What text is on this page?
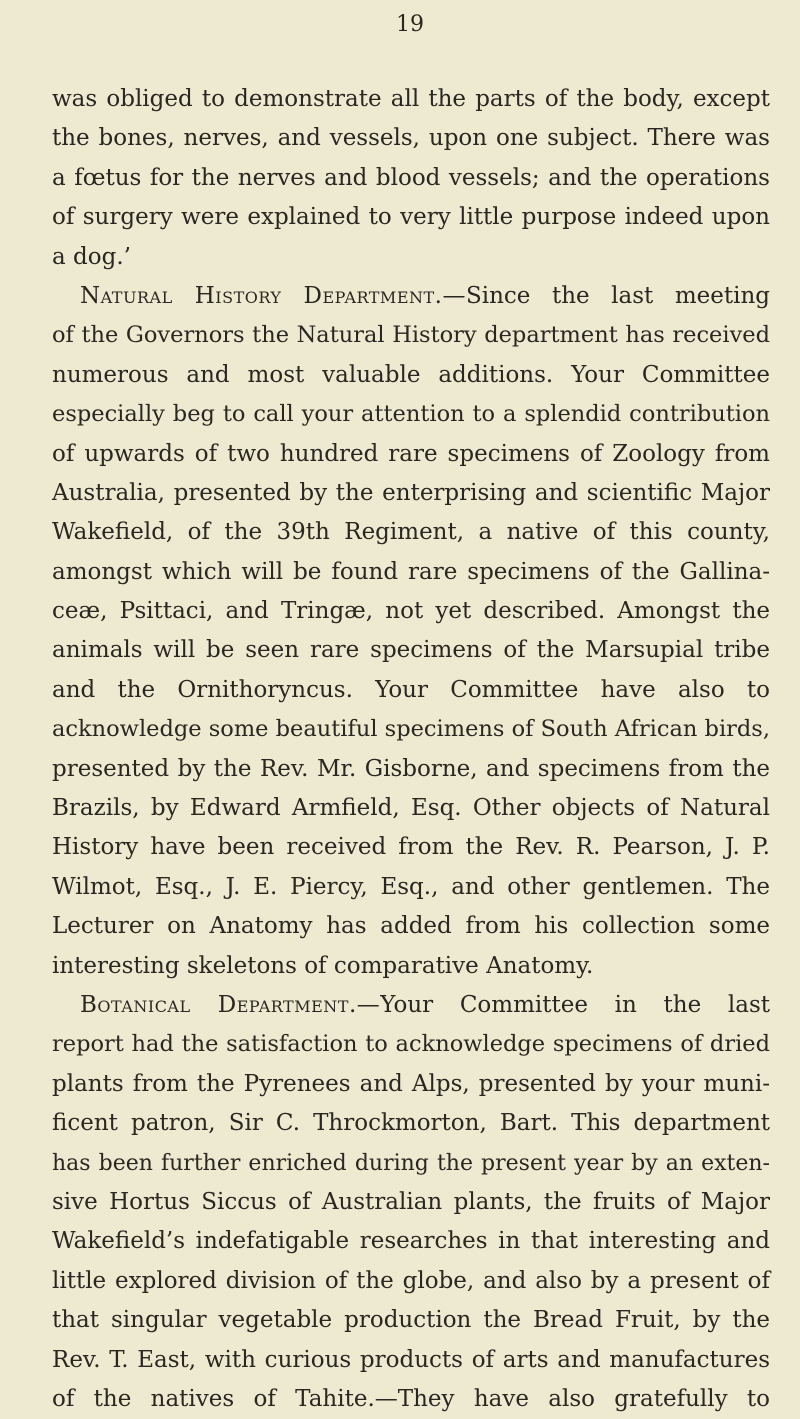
19
was obliged to demonstrate all the parts of the body, except
the bones, nerves, and vessels, upon one subject. There was
a fœtus for the nerves and blood vessels; and the operations
of surgery were explained to very little purpose indeed upon
a dog.’
Natural History Department.—Since the last meeting
of the Governors the Natural History department has received
numerous and most valuable additions. Your Committee
especially beg to call your attention to a splendid contribution
of upwards of two hundred rare specimens of Zoology from
Australia, presented by the enterprising and scientific Major
Wakefield, of the 39th Regiment, a native of this county,
amongst which will be found rare specimens of the Gallina-
ceæ, Psittaci, and Tringæ, not yet described. Amongst the
animals will be seen rare specimens of the Marsupial tribe
and the Ornithoryncus. Your Committee have also to
acknowledge some beautiful specimens of South African birds,
presented by the Rev. Mr. Gisborne, and specimens from the
Brazils, by Edward Armfield, Esq. Other objects of Natural
History have been received from the Rev. R. Pearson, J. P.
Wilmot, Esq., J. E. Piercy, Esq., and other gentlemen. The
Lecturer on Anatomy has added from his collection some
interesting skeletons of comparative Anatomy.
Botanical Department.—Your Committee in the last
report had the satisfaction to acknowledge specimens of dried
plants from the Pyrenees and Alps, presented by your muni-
ficent patron, Sir C. Throckmorton, Bart. This department
has been further enriched during the present year by an exten-
sive Hortus Siccus of Australian plants, the fruits of Major
Wakefield’s indefatigable researches in that interesting and
little explored division of the globe, and also by a present of
that singular vegetable production the Bread Fruit, by the
Rev. T. East, with curious products of arts and manufactures
of the natives of Tahite.—They have also gratefully to
